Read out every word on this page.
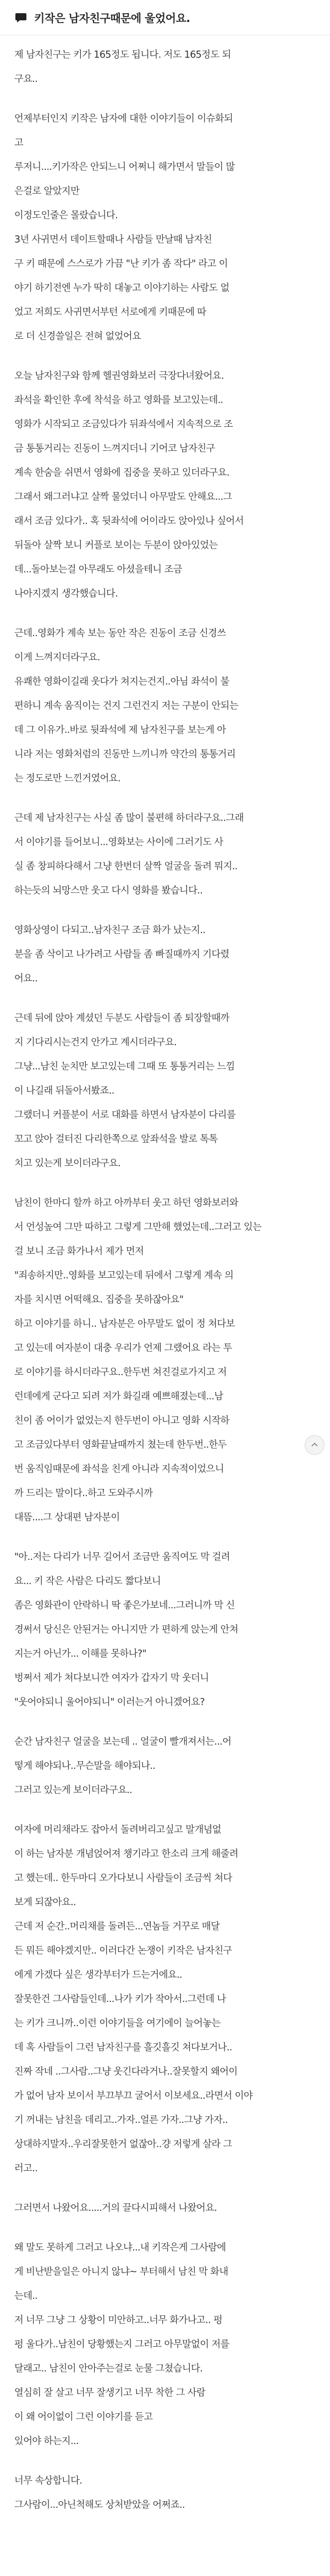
키작은 남자친구때문에 울었어요.
제 남자친구는 키가 165정도 됩니다. 저도 165정도 되
구요..
언제부터인지 키작은 남자에 대한 이야기들이 이슈화되
고
루저니....키가작은 안되느니 어쩌니 해가면서 말들이 많
은걸로 알았지만
이정도인줄은 몰랐습니다.
3년 사귀면서 데이트할때나 사람들 만날때 남자친
구 키 때문에 스스로가 가끔 "난 키가 좀 작다" 라고 이
야기 하기전엔 누가 딱히 대놓고 이야기하는 사람도 없
었고 저희도 사귀면서부턴 서로에게 키때문에 따
로 더 신경쓸일은 전혀 없었어요
오늘 남자친구와 함께 헬권영화보러 극장다녀왔어요.
좌석을 확인한 후에 착석을 하고 영화를 보고있는데..
영화가 시작되고 조금있다가 뒤좌석에서 지속적으로 조
금 통통거리는 진동이 느껴지더니 기어코 남자친구
계속 한숨을 쉬면서 영화에 집중을 못하고 있더라구요.
그래서 왜그러냐고 살짝 물었더니 아무말도 안해요...그
래서 조금 있다가.. 혹 뒷좌석에 어이라도 앉아있나 싶어서
뒤돌아 살짝 보니 커플로 보이는 두분이 앉아있었는
데...돌아보는걸 아무래도 아셨을테니 조금
나아지겠지 생각했습니다.
근데..영화가 계속 보는 동안 작은 진동이 조금 신경쓰
이게 느껴지더라구요.
유쾌한 영화이길래 웃다가 쳐지는건지..아님 좌석이 불
편하니 계속 움직이는 건지 그런건지 저는 구분이 안되는
데 그 이유가..바로 뒷좌석에 제 남자친구를 보는게 아
니라 저는 영화처럼의 진동만 느끼니까 약간의 통통거리
는 정도로만 느낀거였어요.
근데 제 남자친구는 사실 좀 많이 불편해 하더라구요..그래
서 이야기를 들어보니...영화보는 사이에 그러기도 사
실 좀 창피하다해서 그냥 한번더 살짝 얼굴을 돌려 뭐지..
하는듯의 뇌망스만 웃고 다시 영화를 봤습니다..
영화상영이 다되고..남자친구 조금 화가 났는지..
분을 좀 삭이고 나가려고 사람들 좀 빠질때까지 기다렸
어요..
근데 뒤에 앉아 계셨던 두분도 사람들이 좀 퇴장할때까
지 기다리시는건지 안가고 계시더라구요.
그냥...남친 눈치만 보고있는데 그때 또 통통거리는 느낌
이 나길래 뒤돌아서봤죠..
그랬더니 커플분이 서로 대화를 하면서 남자분이 다리를
꼬고 앉아 걸터진 다리한쪽으로 앞좌석을 발로 톡톡
치고 있는게 보이더라구요.
남친이 한마디 할까 하고 아까부터 웃고 하던 영화보러와
서 언성높여 그만 따하고 그렇게 그만해 했었는데..그러고 있는
걸 보니 조금 화가나서 제가 먼저
"죄송하지만..영화를 보고있는데 뒤에서 그렇게 계속 의
자를 치시면 어떡해요. 집중을 못하잖아요"
하고 이야기를 하니.. 남자분은 아무말도 없이 정 쳐다보
고 있는데 여자분이 대충 우리가 언제 그랬어요 라는 투
로 이야기를 하시더라구요..한두번 쳐진걸로가지고 저
런데에게 군다고 되려 저가 화길래 예쁘해졌는데...남
친이 좀 어이가 없었는지 한두번이 아니고 영화 시작하
고 조금있다부터 영화끝날때까지 쳤는데 한두번..한두
번 움직임때문에 좌석을 친게 아니라 지속적이었으니
까 드리는 말이다..하고 도와주시까
대뜸....그 상대편 남자분이
"아..저는 다리가 너무 길어서 조금만 움직여도 막 걸려
요... 키 작은 사람은 다리도 짧다보니
좀은 영화관이 안락하니 딱 좋은가보네...그러니까 막 신
경써서 당신은 안된거는 아니지만 가 편하게 앉는게 안쳐
지는거 아닌가... 이해를 못하나?"
벙쩌서 제가 쳐다보니깐 여자가 갑자기 막 웃더니
"웃어야되니 울어야되니" 이러는거 아니겠어요?
순간 남자친구 얼굴을 보는데 .. 얼굴이 빨개져서는...어
떻게 해야되나..무슨말을 해야되나..
그러고 있는게 보이더라구요..
여자에 머리채라도 잡아서 돌려버리고싶고 말개념없
이 하는 남자분 개념얹어져 챙기라고 한소리 크게 해줄려
고 했는데.. 한두마디 오가다보니 사람들이 조금씩 쳐다
보게 되잖아요..
근데 저 순간..머리채를 돌려든...연놈들 거꾸로 매달
든 뭐든 해야겠지만.. 이러다간 논쟁이 키작은 남자친구
에게 가겠다 싶은 생각부터가 드는거에요..
잘못한건 그사람들인데...나가 키가 작아서..그런데 나
는 키가 크니까..이런 이야기들을 여기에이 늘어놓는
데 혹 사람들이 그런 남자친구를 흘깃흘깃 쳐다보거나..
진짜 작네 ..그사람..그냥 웃긴다라거나..잘못할지 왜어이
가 없어 남자 보이서 부끄부끄 굴어서 이보세요..라면서 이야
기 꺼내는 남친을 데리고..가자..얼른 가자..그냥 가자..
상대하지말자..우리잘못한거 없잖아..걍 저렇게 살라 그
러고..
그러면서 나왔어요.....거의 끌다시피해서 나왔어요.
왜 말도 못하게 그러고 나오냐...내 키작은게 그사람에
게 비난받을일은 아니지 않냐~ 부터해서 남친 막 화내
는데..
저 너무 그냥 그 상황이 미안하고..너무 화가나고.. 펑
펑 울다가..남친이 당황했는지 그러고 아무말없이 저를
달래고.. 남친이 안아주는걸로 눈물 그쳤습니다.
열심히 잘 살고 너무 잘생기고 너무 착한 그 사람
이 왜 어이없이 그런 이야기를 듣고
있어야 하는지...
너무 속상합니다.
그사람이...아닌척해도 상처받았을 어쩌죠..
